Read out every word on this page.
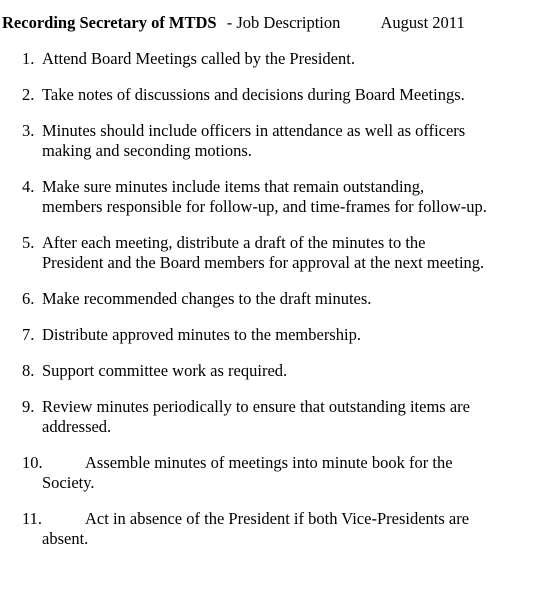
Recording Secretary of MTDS - Job Description August 2011
1. Attend Board Meetings called by the President.
2. Take notes of discussions and decisions during Board Meetings.
3. Minutes should include officers in attendance as well as officers
making and seconding motions.
4. Make sure minutes include items that remain outstanding,
members responsible for follow-up, and time-frames for follow-up.
5. After each meeting, distribute a draft of the minutes to the
President and the Board members for approval at the next meeting.
6. Make recommended changes to the draft minutes.
7. Distribute approved minutes to the membership.
8. Support committee work as required.
9. Review minutes periodically to ensure that outstanding items are
addressed.
10.	Assemble minutes of meetings into minute book for the
Society.
11.	Act in absence of the President if both Vice-Presidents are
absent.
